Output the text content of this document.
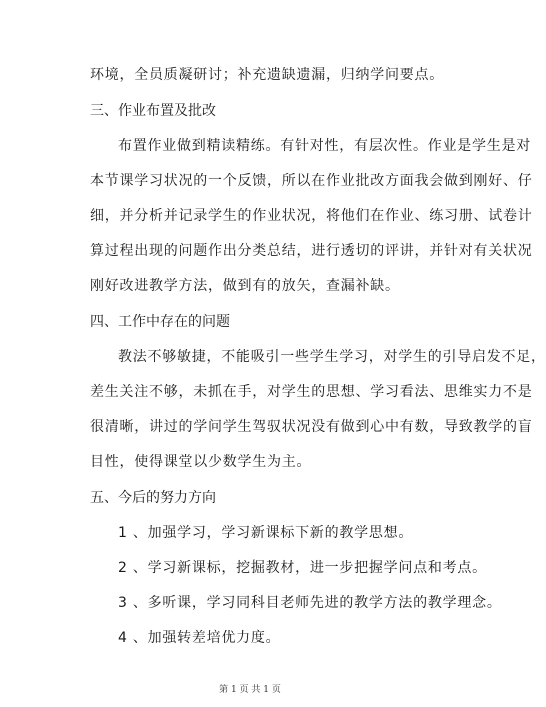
环境，全员质凝研讨；补充遗缺遗漏，归纳学问要点。
三、作业布置及批改
布置作业做到精读精练。有针对性，有层次性。作业是学生是对
本节课学习状况的一个反馈，所以在作业批改方面我会做到刚好、仔
细，并分析并记录学生的作业状况，将他们在作业、练习册、试卷计
算过程出现的问题作出分类总结，进行透切的评讲，并针对有关状况
刚好改进教学方法，做到有的放矢，查漏补缺。
四、工作中存在的问题
教法不够敏捷，不能吸引一些学生学习，对学生的引导启发不足，
差生关注不够，未抓在手，对学生的思想、学习看法、思维实力不是
很清晰，讲过的学问学生驾驭状况没有做到心中有数，导致教学的盲
目性，使得课堂以少数学生为主。
五、今后的努力方向
1 、加强学习，学习新课标下新的教学思想。
2 、学习新课标，挖掘教材，进一步把握学问点和考点。
3 、多听课，学习同科目老师先进的教学方法的教学理念。
4 、加强转差培优力度。
第 1 页 共 1 页
